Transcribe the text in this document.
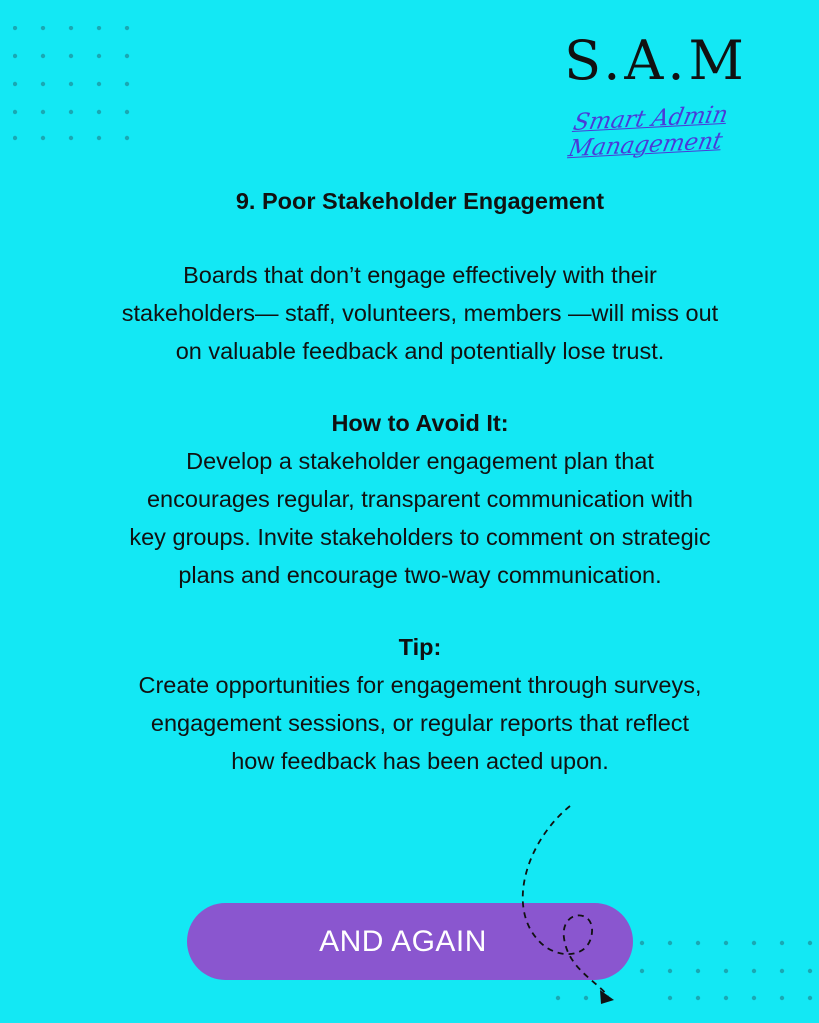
S.A.M
Smart Admin Management

9. Poor Stakeholder Engagement

Boards that don’t engage effectively with their

stakeholders— staff, volunteers, members —will miss out

on valuable feedback and potentially lose trust.

How to Avoid It:

Develop a stakeholder engagement plan that

encourages regular, transparent communication with

key groups. Invite stakeholders to comment on strategic

plans and encourage two-way communication.

Tip:

Create opportunities for engagement through surveys,

engagement sessions, or regular reports that reflect

how feedback has been acted upon.

AND AGAIN
